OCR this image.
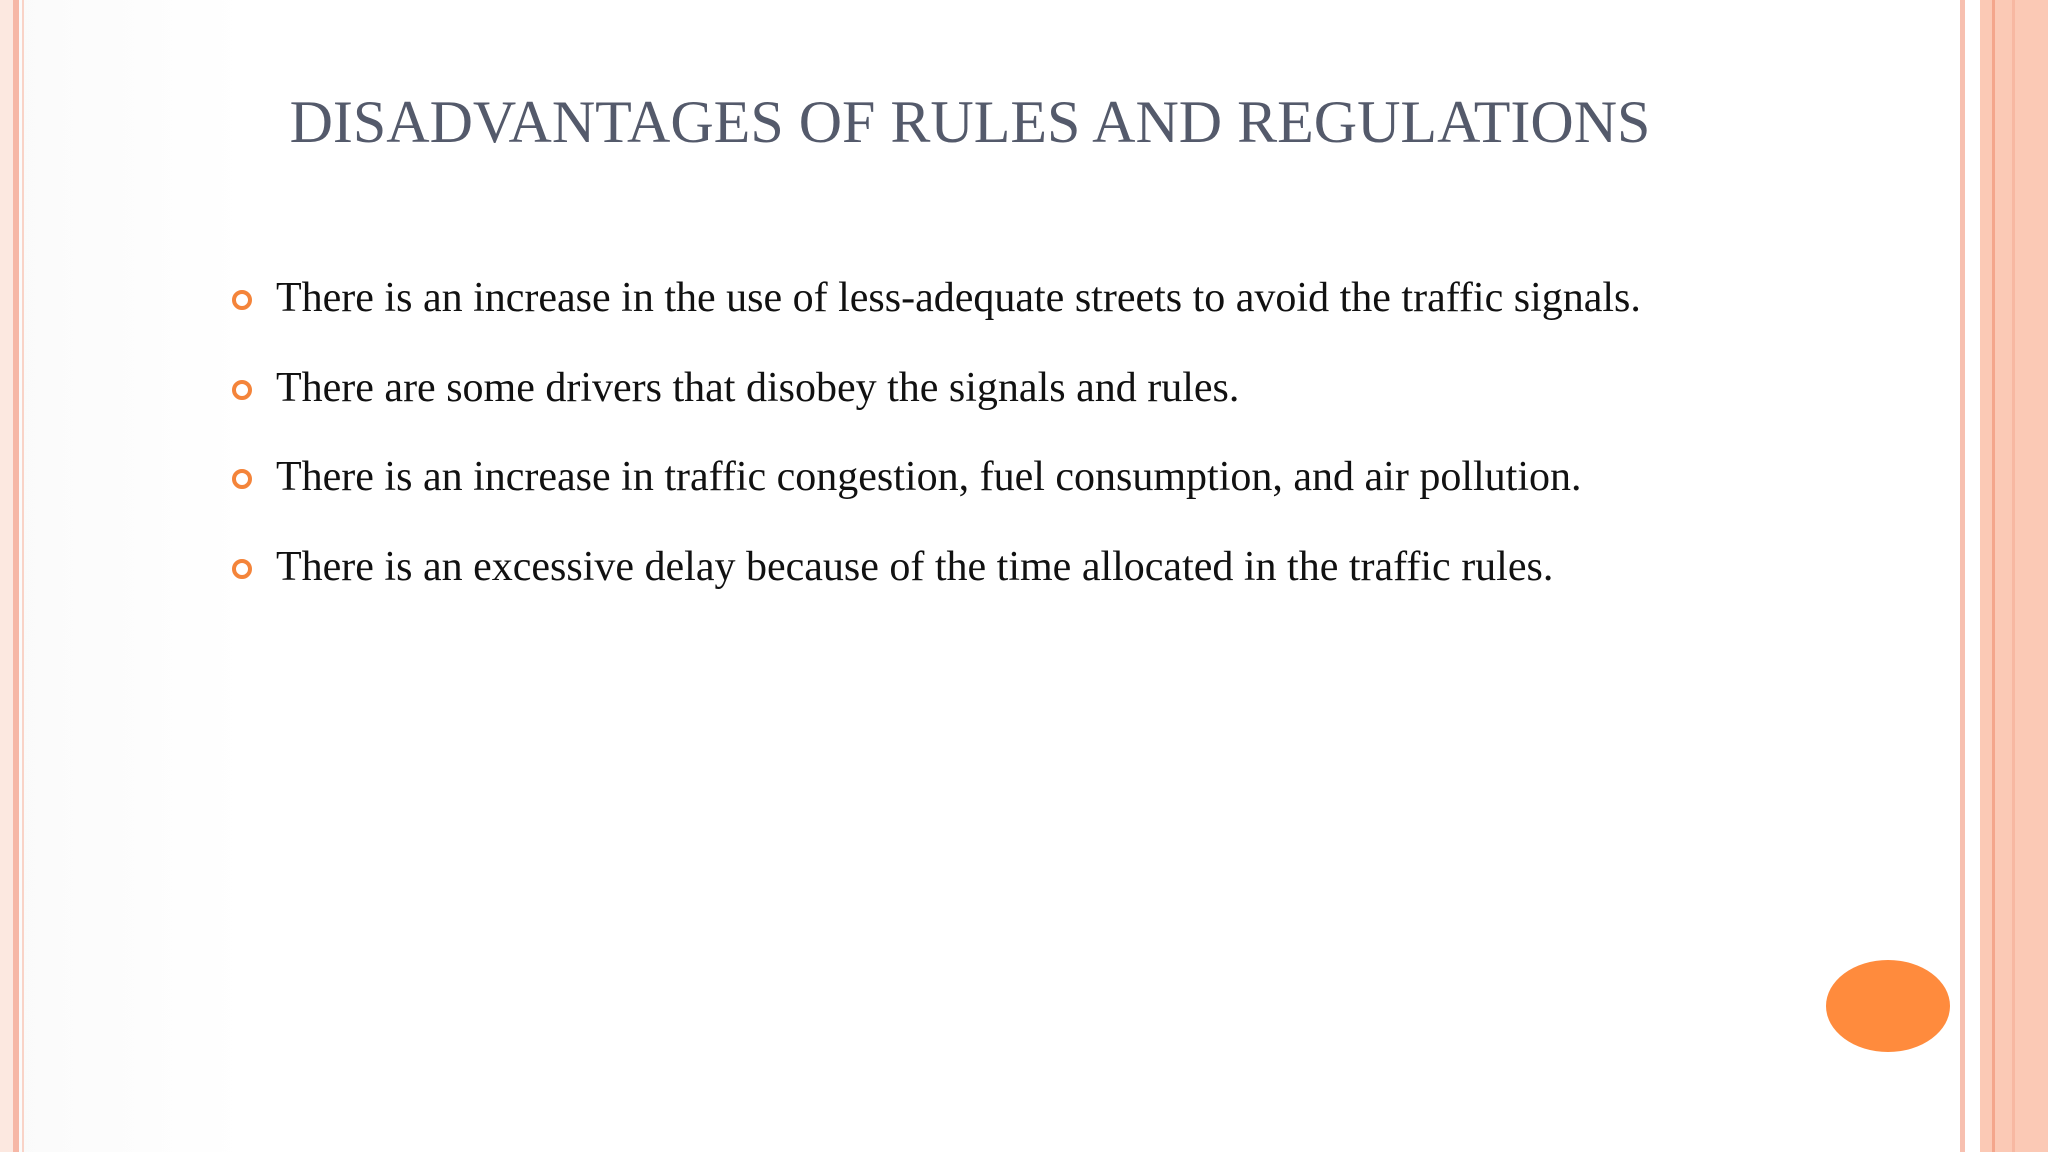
DISADVANTAGES OF RULES AND REGULATIONS
There is an increase in the use of less-adequate streets to avoid the traffic signals.
There are some drivers that disobey the signals and rules.
There is an increase in traffic congestion, fuel consumption, and air pollution.
There is an excessive delay because of the time allocated in the traffic rules.
